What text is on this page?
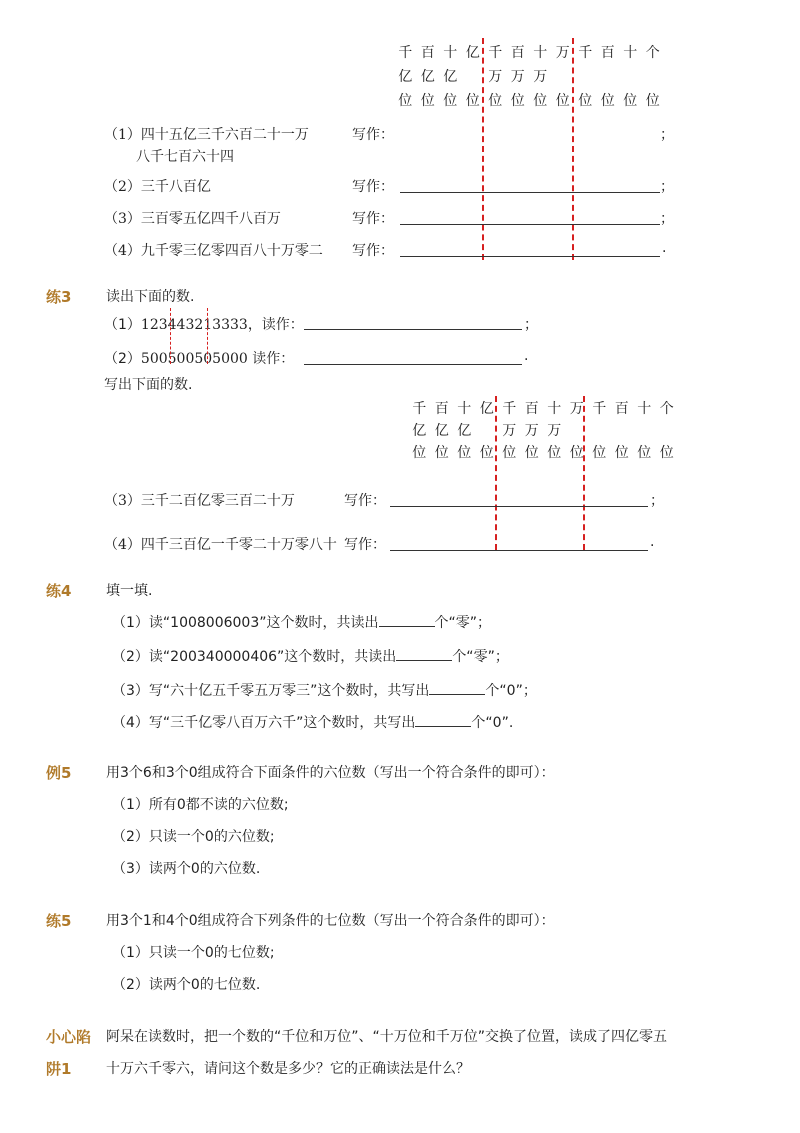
千 百 十 亿 千 百 十 万 千 百 十 个
亿 亿 亿	万 万 万
位 位 位 位 位 位 位 位 位 位 位 位
（1）四十五亿三千六百二十一万
八千七百六十四
写作：	；
（2）三千八百亿	写作：	；
（3）三百零五亿四千八百万	写作：	；
（4）九千零三亿零四百八十万零二 写作：	.
练3 读出下面的数.
（1）123443213333，读作：	；
（2）500500505000 读作：	.
写出下面的数.
千 百 十 亿 千 百 十 万 千 百 十 个
亿 亿 亿	万 万 万
位 位 位 位 位 位 位 位 位 位 位 位
（3）三千二百亿零三百二十万	写作：	；
（4）四千三百亿一千零二十万零八十 写作：	.
练4 填一填.
（1）读“1008006003”这个数时，共读出	个“零”；
（2）读“200340000406”这个数时，共读出	个“零”；
（3）写“六十亿五千零五万零三”这个数时，共写出	个“0”；
（4）写“三千亿零八百万六千”这个数时，共写出	个“0”.
例5 用3个6和3个0组成符合下面条件的六位数（写出一个符合条件的即可）：
（1）所有0都不读的六位数;
（2）只读一个0的六位数;
（3）读两个0的六位数.
练5 用3个1和4个0组成符合下列条件的七位数（写出一个符合条件的即可）：
（1）只读一个0的七位数;
（2）读两个0的七位数.
小心陷
阱1
阿呆在读数时，把一个数的“千位和万位”、“十万位和千万位”交换了位置，读成了四亿零五
十万六千零六，请问这个数是多少？它的正确读法是什么？
